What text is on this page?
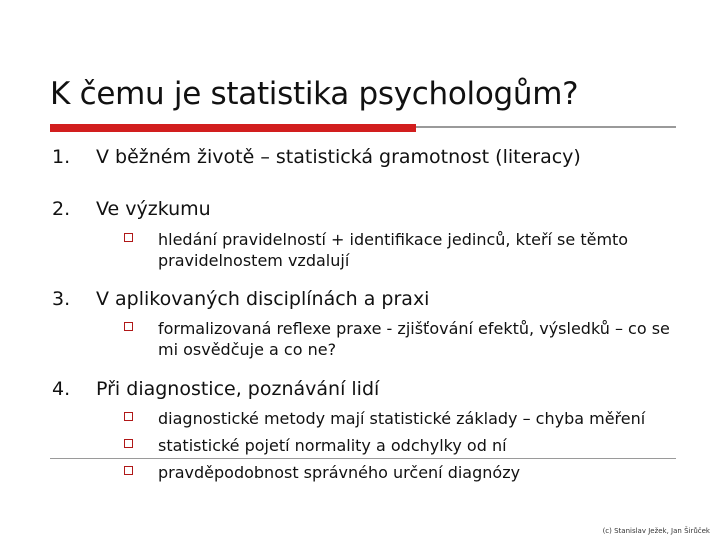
K čemu je statistika psychologům?
1. V běžném životě – statistická gramotnost (literacy)
2. Ve výzkumu
hledání pravidelností + identifikace jedinců, kteří se těmto pravidelnostem vzdalují
3. V aplikovaných disciplínách a praxi
formalizovaná reflexe praxe - zjišťování efektů, výsledků – co se mi osvědčuje a co ne?
4. Při diagnostice, poznávání lidí
diagnostické metody mají statistické základy – chyba měření
statistické pojetí normality a odchylky od ní
pravděpodobnost správného určení diagnózy
(c) Stanislav Ježek, Jan Širůček
